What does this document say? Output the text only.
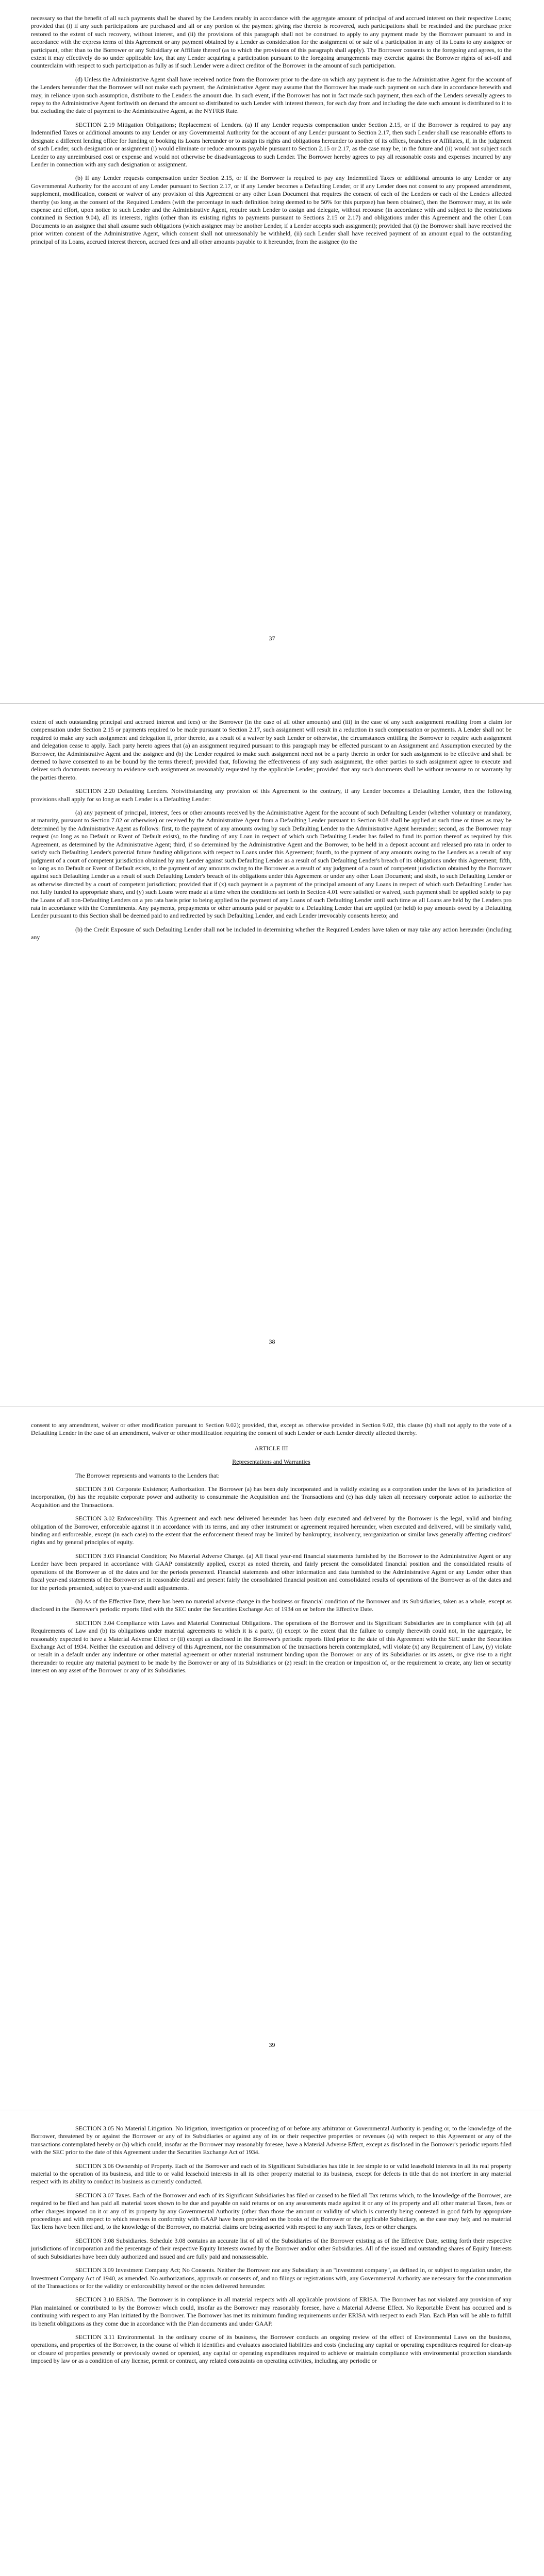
necessary so that the benefit of all such payments shall be shared by the Lenders ratably in accordance with the aggregate amount of principal of and accrued interest on their respective Loans; provided that (i) if any such participations are purchased and all or any portion of the payment giving rise thereto is recovered, such participations shall be rescinded and the purchase price restored to the extent of such recovery, without interest, and (ii) the provisions of this paragraph shall not be construed to apply to any payment made by the Borrower pursuant to and in accordance with the express terms of this Agreement or any payment obtained by a Lender as consideration for the assignment of or sale of a participation in any of its Loans to any assignee or participant, other than to the Borrower or any Subsidiary or Affiliate thereof (as to which the provisions of this paragraph shall apply). The Borrower consents to the foregoing and agrees, to the extent it may effectively do so under applicable law, that any Lender acquiring a participation pursuant to the foregoing arrangements may exercise against the Borrower rights of set-off and counterclaim with respect to such participation as fully as if such Lender were a direct creditor of the Borrower in the amount of such participation.

(d) Unless the Administrative Agent shall have received notice from the Borrower prior to the date on which any payment is due to the Administrative Agent for the account of the Lenders hereunder that the Borrower will not make such payment, the Administrative Agent may assume that the Borrower has made such payment on such date in accordance herewith and may, in reliance upon such assumption, distribute to the Lenders the amount due. In such event, if the Borrower has not in fact made such payment, then each of the Lenders severally agrees to repay to the Administrative Agent forthwith on demand the amount so distributed to such Lender with interest thereon, for each day from and including the date such amount is distributed to it to but excluding the date of payment to the Administrative Agent, at the NYFRB Rate.

SECTION 2.19 Mitigation Obligations; Replacement of Lenders. (a) If any Lender requests compensation under Section 2.15, or if the Borrower is required to pay any Indemnified Taxes or additional amounts to any Lender or any Governmental Authority for the account of any Lender pursuant to Section 2.17, then such Lender shall use reasonable efforts to designate a different lending office for funding or booking its Loans hereunder or to assign its rights and obligations hereunder to another of its offices, branches or Affiliates, if, in the judgment of such Lender, such designation or assignment (i) would eliminate or reduce amounts payable pursuant to Section 2.15 or 2.17, as the case may be, in the future and (ii) would not subject such Lender to any unreimbursed cost or expense and would not otherwise be disadvantageous to such Lender. The Borrower hereby agrees to pay all reasonable costs and expenses incurred by any Lender in connection with any such designation or assignment.

(b) If any Lender requests compensation under Section 2.15, or if the Borrower is required to pay any Indemnified Taxes or additional amounts to any Lender or any Governmental Authority for the account of any Lender pursuant to Section 2.17, or if any Lender becomes a Defaulting Lender, or if any Lender does not consent to any proposed amendment, supplement, modification, consent or waiver of any provision of this Agreement or any other Loan Document that requires the consent of each of the Lenders or each of the Lenders affected thereby (so long as the consent of the Required Lenders (with the percentage in such definition being deemed to be 50% for this purpose) has been obtained), then the Borrower may, at its sole expense and effort, upon notice to such Lender and the Administrative Agent, require such Lender to assign and delegate, without recourse (in accordance with and subject to the restrictions contained in Section 9.04), all its interests, rights (other than its existing rights to payments pursuant to Sections 2.15 or 2.17) and obligations under this Agreement and the other Loan Documents to an assignee that shall assume such obligations (which assignee may be another Lender, if a Lender accepts such assignment); provided that (i) the Borrower shall have received the prior written consent of the Administrative Agent, which consent shall not unreasonably be withheld, (ii) such Lender shall have received payment of an amount equal to the outstanding principal of its Loans, accrued interest thereon, accrued fees and all other amounts payable to it hereunder, from the assignee (to the

37

extent of such outstanding principal and accrued interest and fees) or the Borrower (in the case of all other amounts) and (iii) in the case of any such assignment resulting from a claim for compensation under Section 2.15 or payments required to be made pursuant to Section 2.17, such assignment will result in a reduction in such compensation or payments. A Lender shall not be required to make any such assignment and delegation if, prior thereto, as a result of a waiver by such Lender or otherwise, the circumstances entitling the Borrower to require such assignment and delegation cease to apply. Each party hereto agrees that (a) an assignment required pursuant to this paragraph may be effected pursuant to an Assignment and Assumption executed by the Borrower, the Administrative Agent and the assignee and (b) the Lender required to make such assignment need not be a party thereto in order for such assignment to be effective and shall be deemed to have consented to an be bound by the terms thereof; provided that, following the effectiveness of any such assignment, the other parties to such assignment agree to execute and deliver such documents necessary to evidence such assignment as reasonably requested by the applicable Lender; provided that any such documents shall be without recourse to or warranty by the parties thereto.

SECTION 2.20 Defaulting Lenders. Notwithstanding any provision of this Agreement to the contrary, if any Lender becomes a Defaulting Lender, then the following provisions shall apply for so long as such Lender is a Defaulting Lender:

(a) any payment of principal, interest, fees or other amounts received by the Administrative Agent for the account of such Defaulting Lender (whether voluntary or mandatory, at maturity, pursuant to Section 7.02 or otherwise) or received by the Administrative Agent from a Defaulting Lender pursuant to Section 9.08 shall be applied at such time or times as may be determined by the Administrative Agent as follows: first, to the payment of any amounts owing by such Defaulting Lender to the Administrative Agent hereunder; second, as the Borrower may request (so long as no Default or Event of Default exists), to the funding of any Loan in respect of which such Defaulting Lender has failed to fund its portion thereof as required by this Agreement, as determined by the Administrative Agent; third, if so determined by the Administrative Agent and the Borrower, to be held in a deposit account and released pro rata in order to satisfy such Defaulting Lender's potential future funding obligations with respect to Loans under this Agreement; fourth, to the payment of any amounts owing to the Lenders as a result of any judgment of a court of competent jurisdiction obtained by any Lender against such Defaulting Lender as a result of such Defaulting Lender's breach of its obligations under this Agreement; fifth, so long as no Default or Event of Default exists, to the payment of any amounts owing to the Borrower as a result of any judgment of a court of competent jurisdiction obtained by the Borrower against such Defaulting Lender as a result of such Defaulting Lender's breach of its obligations under this Agreement or under any other Loan Document; and sixth, to such Defaulting Lender or as otherwise directed by a court of competent jurisdiction; provided that if (x) such payment is a payment of the principal amount of any Loans in respect of which such Defaulting Lender has not fully funded its appropriate share, and (y) such Loans were made at a time when the conditions set forth in Section 4.01 were satisfied or waived, such payment shall be applied solely to pay the Loans of all non-Defaulting Lenders on a pro rata basis prior to being applied to the payment of any Loans of such Defaulting Lender until such time as all Loans are held by the Lenders pro rata in accordance with the Commitments. Any payments, prepayments or other amounts paid or payable to a Defaulting Lender that are applied (or held) to pay amounts owed by a Defaulting Lender pursuant to this Section shall be deemed paid to and redirected by such Defaulting Lender, and each Lender irrevocably consents hereto; and

(b) the Credit Exposure of such Defaulting Lender shall not be included in determining whether the Required Lenders have taken or may take any action hereunder (including any

38

consent to any amendment, waiver or other modification pursuant to Section 9.02); provided, that, except as otherwise provided in Section 9.02, this clause (b) shall not apply to the vote of a Defaulting Lender in the case of an amendment, waiver or other modification requiring the consent of such Lender or each Lender directly affected thereby.

ARTICLE III

Representations and Warranties

The Borrower represents and warrants to the Lenders that:

SECTION 3.01 Corporate Existence; Authorization. The Borrower (a) has been duly incorporated and is validly existing as a corporation under the laws of its jurisdiction of incorporation, (b) has the requisite corporate power and authority to consummate the Acquisition and the Transactions and (c) has duly taken all necessary corporate action to authorize the Acquisition and the Transactions.

SECTION 3.02 Enforceability. This Agreement and each new delivered hereunder has been duly executed and delivered by the Borrower is the legal, valid and binding obligation of the Borrower, enforceable against it in accordance with its terms, and any other instrument or agreement required hereunder, when executed and delivered, will be similarly valid, binding and enforceable, except (in each case) to the extent that the enforcement thereof may be limited by bankruptcy, insolvency, reorganization or similar laws generally affecting creditors' rights and by general principles of equity.

SECTION 3.03 Financial Condition; No Material Adverse Change. (a) All fiscal year-end financial statements furnished by the Borrower to the Administrative Agent or any Lender have been prepared in accordance with GAAP consistently applied, except as noted therein, and fairly present the consolidated financial position and the consolidated results of operations of the Borrower as of the dates and for the periods presented. Financial statements and other information and data furnished to the Administrative Agent or any Lender other than fiscal year-end statements of the Borrower set in reasonable detail and present fairly the consolidated financial position and consolidated results of operations of the Borrower as of the dates and for the periods presented, subject to year-end audit adjustments.

(b) As of the Effective Date, there has been no material adverse change in the business or financial condition of the Borrower and its Subsidiaries, taken as a whole, except as disclosed in the Borrower's periodic reports filed with the SEC under the Securities Exchange Act of 1934 on or before the Effective Date.

SECTION 3.04 Compliance with Laws and Material Contractual Obligations. The operations of the Borrower and its Significant Subsidiaries are in compliance with (a) all Requirements of Law and (b) its obligations under material agreements to which it is a party, (i) except to the extent that the failure to comply therewith could not, in the aggregate, be reasonably expected to have a Material Adverse Effect or (ii) except as disclosed in the Borrower's periodic reports filed prior to the date of this Agreement with the SEC under the Securities Exchange Act of 1934. Neither the execution and delivery of this Agreement, nor the consummation of the transactions herein contemplated, will violate (x) any Requirement of Law, (y) violate or result in a default under any indenture or other material agreement or other material instrument binding upon the Borrower or any of its Subsidiaries or its assets, or give rise to a right thereunder to require any material payment to be made by the Borrower or any of its Subsidiaries or (z) result in the creation or imposition of, or the requirement to create, any lien or security interest on any asset of the Borrower or any of its Subsidiaries.

39

SECTION 3.05 No Material Litigation. No litigation, investigation or proceeding of or before any arbitrator or Governmental Authority is pending or, to the knowledge of the Borrower, threatened by or against the Borrower or any of its Subsidiaries or against any of its or their respective properties or revenues (a) with respect to this Agreement or any of the transactions contemplated hereby or (b) which could, insofar as the Borrower may reasonably foresee, have a Material Adverse Effect, except as disclosed in the Borrower's periodic reports filed with the SEC prior to the date of this Agreement under the Securities Exchange Act of 1934.

SECTION 3.06 Ownership of Property. Each of the Borrower and each of its Significant Subsidiaries has title in fee simple to or valid leasehold interests in all its real property material to the operation of its business, and title to or valid leasehold interests in all its other property material to its business, except for defects in title that do not interfere in any material respect with its ability to conduct its business as currently conducted.

SECTION 3.07 Taxes. Each of the Borrower and each of its Significant Subsidiaries has filed or caused to be filed all Tax returns which, to the knowledge of the Borrower, are required to be filed and has paid all material taxes shown to be due and payable on said returns or on any assessments made against it or any of its property and all other material Taxes, fees or other charges imposed on it or any of its property by any Governmental Authority (other than those the amount or validity of which is currently being contested in good faith by appropriate proceedings and with respect to which reserves in conformity with GAAP have been provided on the books of the Borrower or the applicable Subsidiary, as the case may be); and no material Tax liens have been filed and, to the knowledge of the Borrower, no material claims are being asserted with respect to any such Taxes, fees or other charges.

SECTION 3.08 Subsidiaries. Schedule 3.08 contains an accurate list of all of the Subsidiaries of the Borrower existing as of the Effective Date, setting forth their respective jurisdictions of incorporation and the percentage of their respective Equity Interests owned by the Borrower and/or other Subsidiaries. All of the issued and outstanding shares of Equity Interests of such Subsidiaries have been duly authorized and issued and are fully paid and nonassessable.

SECTION 3.09 Investment Company Act; No Consents. Neither the Borrower nor any Subsidiary is an "investment company", as defined in, or subject to regulation under, the Investment Company Act of 1940, as amended. No authorizations, approvals or consents of, and no filings or registrations with, any Governmental Authority are necessary for the consummation of the Transactions or for the validity or enforceability hereof or the notes delivered hereunder.

SECTION 3.10 ERISA. The Borrower is in compliance in all material respects with all applicable provisions of ERISA. The Borrower has not violated any provision of any Plan maintained or contributed to by the Borrower which could, insofar as the Borrower may reasonably foresee, have a Material Adverse Effect. No Reportable Event has occurred and is continuing with respect to any Plan initiated by the Borrower. The Borrower has met its minimum funding requirements under ERISA with respect to each Plan. Each Plan will be able to fulfill its benefit obligations as they come due in accordance with the Plan documents and under GAAP.

SECTION 3.11 Environmental. In the ordinary course of its business, the Borrower conducts an ongoing review of the effect of Environmental Laws on the business, operations, and properties of the Borrower, in the course of which it identifies and evaluates associated liabilities and costs (including any capital or operating expenditures required for clean-up or closure of properties presently or previously owned or operated, any capital or operating expenditures required to achieve or maintain compliance with environmental protection standards imposed by law or as a condition of any license, permit or contract, any related constraints on operating activities, including any periodic or
